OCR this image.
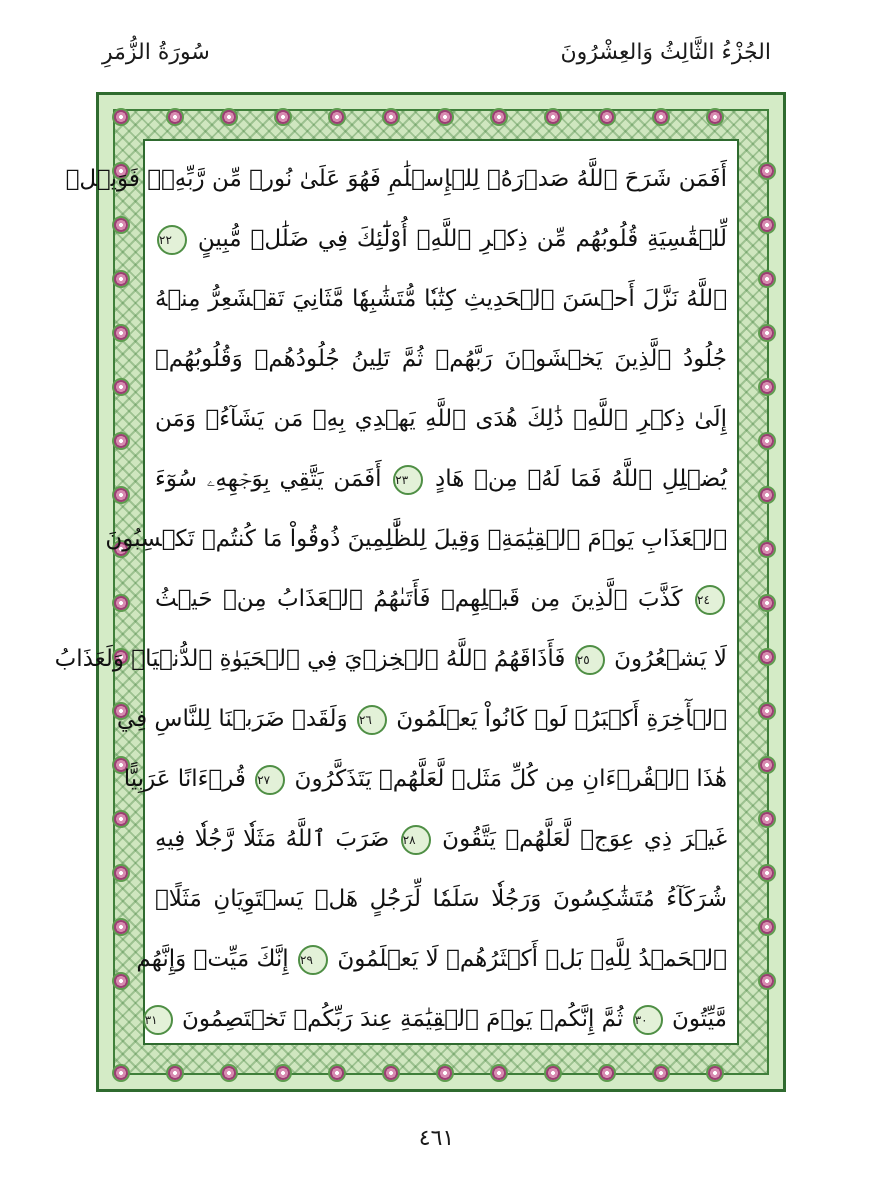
الجُزْءُ الثَّالِثُ وَالعِشْرُونَ
سُورَةُ الزُّمَرِ
أَفَمَن شَرَحَ ٱللَّهُ صَدۡرَهُۥ لِلۡإِسۡلَٰمِ فَهُوَ عَلَىٰ نُورٖ مِّن رَّبِّهِۦۚ فَوَيۡلٞ
لِّلۡقَٰسِيَةِ قُلُوبُهُم مِّن ذِكۡرِ ٱللَّهِۚ أُوْلَٰٓئِكَ فِي ضَلَٰلٖ مُّبِينٍ ٢٢
ٱللَّهُ نَزَّلَ أَحۡسَنَ ٱلۡحَدِيثِ كِتَٰبٗا مُّتَشَٰبِهٗا مَّثَانِيَ تَقۡشَعِرُّ مِنۡهُ
جُلُودُ ٱلَّذِينَ يَخۡشَوۡنَ رَبَّهُمۡ ثُمَّ تَلِينُ جُلُودُهُمۡ وَقُلُوبُهُمۡ
إِلَىٰ ذِكۡرِ ٱللَّهِۚ ذَٰلِكَ هُدَى ٱللَّهِ يَهۡدِي بِهِۦ مَن يَشَآءُۚ وَمَن
يُضۡلِلِ ٱللَّهُ فَمَا لَهُۥ مِنۡ هَادٍ ٢٣ أَفَمَن يَتَّقِي بِوَجۡهِهِۦ سُوٓءَ
ٱلۡعَذَابِ يَوۡمَ ٱلۡقِيَٰمَةِۚ وَقِيلَ لِلظَّٰلِمِينَ ذُوقُواْ مَا كُنتُمۡ تَكۡسِبُونَ
٢٤ كَذَّبَ ٱلَّذِينَ مِن قَبۡلِهِمۡ فَأَتَىٰهُمُ ٱلۡعَذَابُ مِنۡ حَيۡثُ
لَا يَشۡعُرُونَ ٢٥ فَأَذَاقَهُمُ ٱللَّهُ ٱلۡخِزۡيَ فِي ٱلۡحَيَوٰةِ ٱلدُّنۡيَاۖ وَلَعَذَابُ
ٱلۡأٓخِرَةِ أَكۡبَرُۚ لَوۡ كَانُواْ يَعۡلَمُونَ ٢٦ وَلَقَدۡ ضَرَبۡنَا لِلنَّاسِ فِي
هَٰذَا ٱلۡقُرۡءَانِ مِن كُلِّ مَثَلٖ لَّعَلَّهُمۡ يَتَذَكَّرُونَ ٢٧ قُرۡءَانًا عَرَبِيًّا
غَيۡرَ ذِي عِوَجٖ لَّعَلَّهُمۡ يَتَّقُونَ ٢٨ ضَرَبَ ٱللَّهُ مَثَلٗا رَّجُلٗا فِيهِ
شُرَكَآءُ مُتَشَٰكِسُونَ وَرَجُلٗا سَلَمٗا لِّرَجُلٍ هَلۡ يَسۡتَوِيَانِ مَثَلًاۚ
ٱلۡحَمۡدُ لِلَّهِۚ بَلۡ أَكۡثَرُهُمۡ لَا يَعۡلَمُونَ ٢٩ إِنَّكَ مَيِّتٞ وَإِنَّهُم
مَّيِّتُونَ ٣٠ ثُمَّ إِنَّكُمۡ يَوۡمَ ٱلۡقِيَٰمَةِ عِندَ رَبِّكُمۡ تَخۡتَصِمُونَ ٣١
٤٦١
